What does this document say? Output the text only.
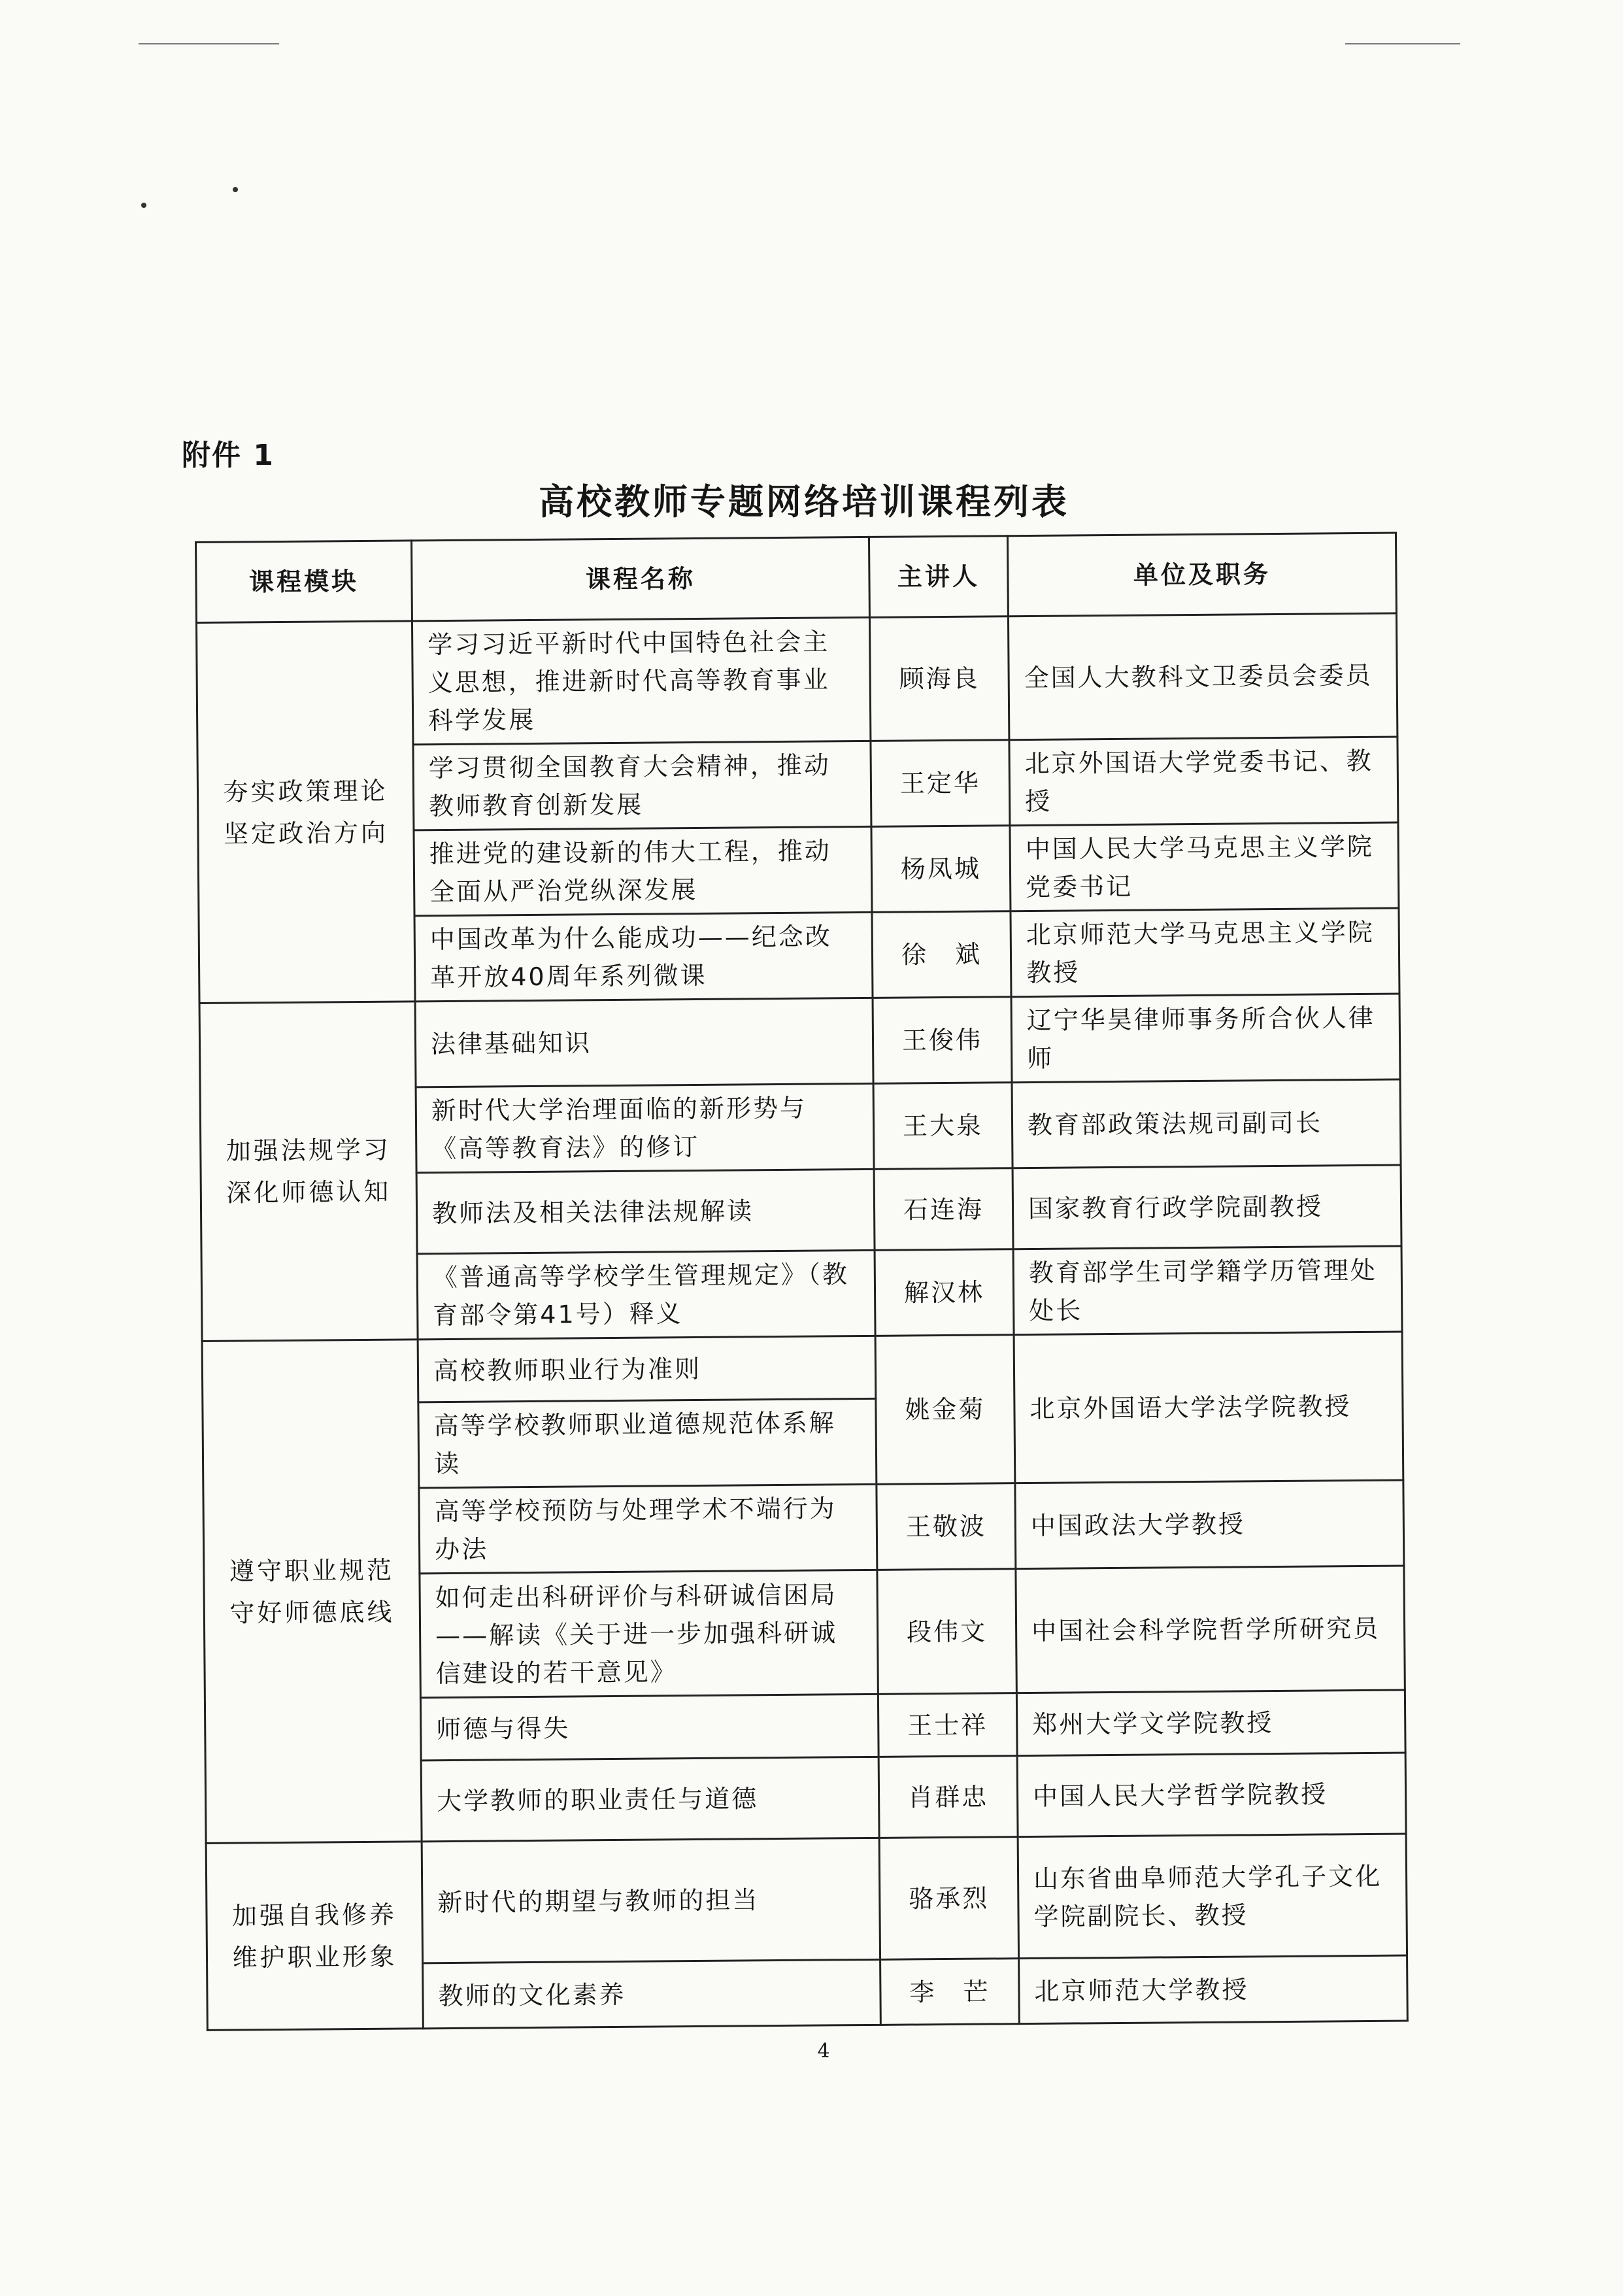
附件 1
高校教师专题网络培训课程列表
课程模块	课程名称	主讲人	单位及职务

夯实政策理论
坚定政治方向	学习习近平新时代中国特色社会主义思想，推进新时代高等教育事业科学发展	顾海良	全国人大教科文卫委员会委员
	学习贯彻全国教育大会精神，推动教师教育创新发展	王定华	北京外国语大学党委书记、教授
	推进党的建设新的伟大工程，推动全面从严治党纵深发展	杨凤城	中国人民大学马克思主义学院党委书记
	中国改革为什么能成功——纪念改革开放40周年系列微课	徐　斌	北京师范大学马克思主义学院教授

加强法规学习
深化师德认知	法律基础知识	王俊伟	辽宁华昊律师事务所合伙人律师
	新时代大学治理面临的新形势与《高等教育法》的修订	王大泉	教育部政策法规司副司长
	教师法及相关法律法规解读	石连海	国家教育行政学院副教授
	《普通高等学校学生管理规定》（教育部令第41号）释义	解汉林	教育部学生司学籍学历管理处处长

遵守职业规范
守好师德底线	高校教师职业行为准则	姚金菊	北京外国语大学法学院教授
	高等学校教师职业道德规范体系解读		
	高等学校预防与处理学术不端行为办法	王敬波	中国政法大学教授
	如何走出科研评价与科研诚信困局——解读《关于进一步加强科研诚信建设的若干意见》	段伟文	中国社会科学院哲学所研究员
	师德与得失	王士祥	郑州大学文学院教授
	大学教师的职业责任与道德	肖群忠	中国人民大学哲学院教授

加强自我修养
维护职业形象	新时代的期望与教师的担当	骆承烈	山东省曲阜师范大学孔子文化学院副院长、教授
	教师的文化素养	李　芒	北京师范大学教授
4
